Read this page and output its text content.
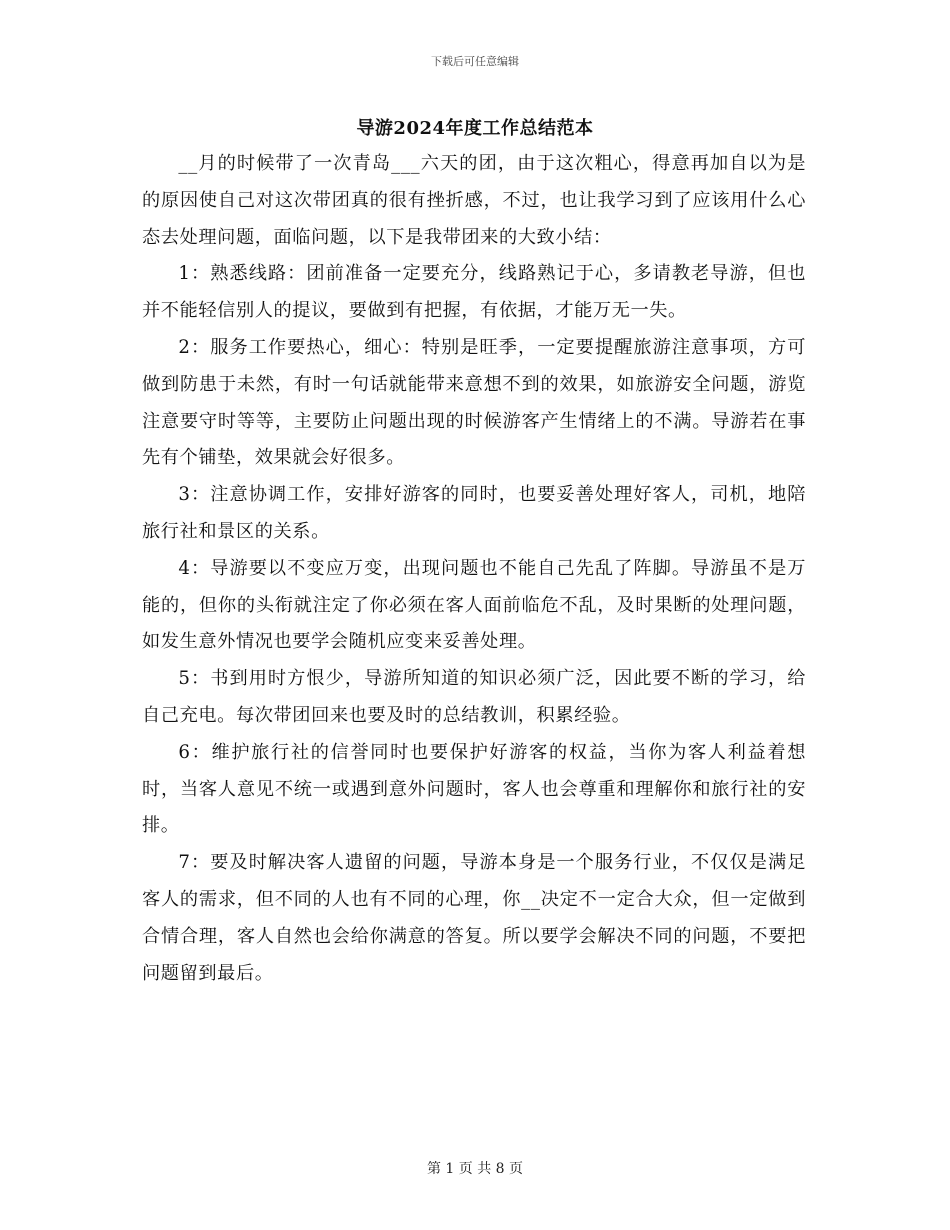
下载后可任意编辑
导游2024年度工作总结范本

__月的时候带了一次青岛___六天的团，由于这次粗心，得意再加自以为是的原因使自己对这次带团真的很有挫折感，不过，也让我学习到了应该用什么心态去处理问题，面临问题，以下是我带团来的大致小结：

1：熟悉线路：团前准备一定要充分，线路熟记于心，多请教老导游，但也并不能轻信别人的提议，要做到有把握，有依据，才能万无一失。

2：服务工作要热心，细心：特别是旺季，一定要提醒旅游注意事项，方可做到防患于未然，有时一句话就能带来意想不到的效果，如旅游安全问题，游览注意要守时等等，主要防止问题出现的时候游客产生情绪上的不满。导游若在事先有个铺垫，效果就会好很多。

3：注意协调工作，安排好游客的同时，也要妥善处理好客人，司机，地陪旅行社和景区的关系。

4：导游要以不变应万变，出现问题也不能自己先乱了阵脚。导游虽不是万能的，但你的头衔就注定了你必须在客人面前临危不乱，及时果断的处理问题，如发生意外情况也要学会随机应变来妥善处理。

5：书到用时方恨少，导游所知道的知识必须广泛，因此要不断的学习，给自己充电。每次带团回来也要及时的总结教训，积累经验。

6：维护旅行社的信誉同时也要保护好游客的权益，当你为客人利益着想时，当客人意见不统一或遇到意外问题时，客人也会尊重和理解你和旅行社的安排。

7：要及时解决客人遗留的问题，导游本身是一个服务行业，不仅仅是满足客人的需求，但不同的人也有不同的心理，你__决定不一定合大众，但一定做到合情合理，客人自然也会给你满意的答复。所以要学会解决不同的问题，不要把问题留到最后。

第 1 页 共 8 页
